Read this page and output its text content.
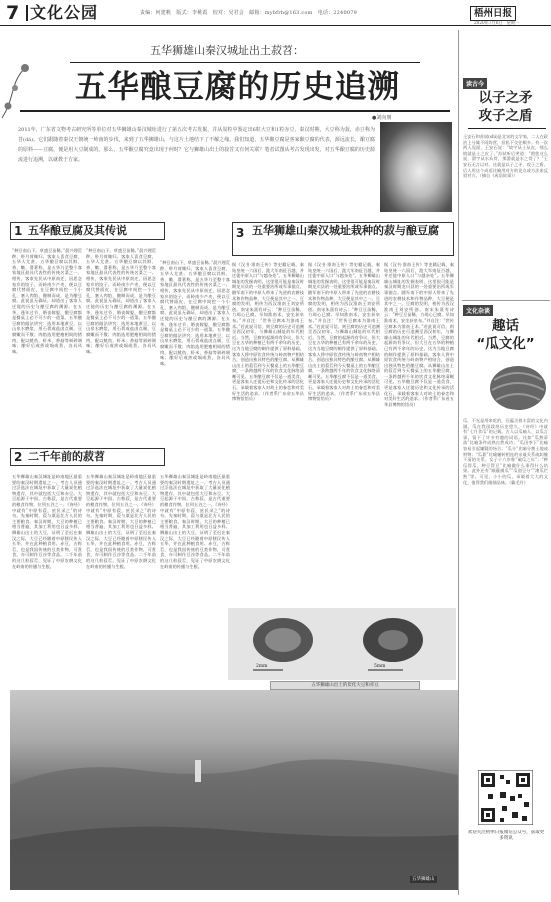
7 文化公园	责编：何建帆　版式：李桃霞　校对：吴君会　邮箱：mybfrb@163.com　电话：2240079	梧州日报
2020年7月6日　星期一
五华狮雄山秦汉城址出土菽苕：
五华酿豆腐的历史追溯
●刘向朋
2011年，广东省文物考古研究所等单位对五华狮雄山秦汉城址进行了第五次考古发掘，并从炭粒中鉴定出6粒大豆和1粒赤豆，秦汉时期，大豆称为菽，赤豆称为苕(dá)。它们跟随着秦汉王朝统一岭南的步伐，来到了五华狮雄山，与这片土地结下了不解之缘。我们知道，五华酿豆腐是客家酿豆腐的代表，源远流长，酿豆腐的原料——豆腐，便是用大豆制成的。那么，五华酿豆腐究竟出现于何时？它与狮雄山出土的菽苕又有何关联？笔者试图从考古发现出发，对五华酿豆腐的历史源流进行追溯，以就教于方家。
1 五华酿豆腐及其传说
“种豆南山下，草盛豆苗稀。”晨兴理荒秽，带月荷锄归。客家人喜食豆腐，五华人尤甚。五华酿豆腐以其鲜、香、嫩、滑著称，是五华乃至整个客家地区最具代表性的传统名菜之一。相传，客家先民从中原南迁，因思念家乡的饺子，而岭南少产麦，便以豆腐代替面皮，在豆腐中间挖一个小孔，塞入肉馅，酿制而成，是为酿豆腐。此说虽无确证，却道出了客家人迁徙的历史与酿豆腐的渊源。在五华，逢年过节、婚丧嫁娶，酿豆腐都是餐桌上必不可少的一道菜。五华酿豆腐的做法讲究：选用本地黄豆，以山泉水磨浆，用石膏或盐卤点制，豆腐嫩而不散；肉馅选用肥瘦相间的猪肉，配以鱿鱼、虾米、香菇等剁碎调味；酿好后或煎或焖或煮，各具风味。
“种豆南山下，草盛豆苗稀。”晨兴理荒秽，带月荷锄归。客家人喜食豆腐，五华人尤甚。五华酿豆腐以其鲜、香、嫩、滑著称，是五华乃至整个客家地区最具代表性的传统名菜之一。相传，客家先民从中原南迁，因思念家乡的饺子，而岭南少产麦，便以豆腐代替面皮，在豆腐中间挖一个小孔，塞入肉馅，酿制而成，是为酿豆腐。此说虽无确证，却道出了客家人迁徙的历史与酿豆腐的渊源。在五华，逢年过节、婚丧嫁娶，酿豆腐都是餐桌上必不可少的一道菜。五华酿豆腐的做法讲究：选用本地黄豆，以山泉水磨浆，用石膏或盐卤点制，豆腐嫩而不散；肉馅选用肥瘦相间的猪肉，配以鱿鱼、虾米、香菇等剁碎调味；酿好后或煎或焖或煮，各具风味。
2 二千年前的菽苕
五华狮雄山秦汉城址是岭南地区最重要的秦汉时期遗址之一。考古人员通过浮选法在城址中获取了大量炭化植物遗存，其中就包括大豆和赤豆。大豆起源于中国，古称菽，是古代重要的粮食作物，位列五谷之一。《诗经》中就有“中原有菽，庶民采之”的诗句。先秦时期，菽与粟是北方人民的主要粮食。秦汉时期，大豆的种植已相当普遍，其加工利用也日益多样。狮雄山出土的大豆，证明了至迟在秦汉之际，大豆已经随着中原移民传入五华，并在此种植食用。赤豆，古称苕，也是我国传统的豆类作物，可煮食，亦可制作豆沙等食品。二千年前的这几粒菽苕，见证了中原农耕文化在岭南的传播与生根。
五华狮雄山秦汉城址是岭南地区最重要的秦汉时期遗址之一。考古人员通过浮选法在城址中获取了大量炭化植物遗存，其中就包括大豆和赤豆。大豆起源于中国，古称菽，是古代重要的粮食作物，位列五谷之一。《诗经》中就有“中原有菽，庶民采之”的诗句。先秦时期，菽与粟是北方人民的主要粮食。秦汉时期，大豆的种植已相当普遍，其加工利用也日益多样。狮雄山出土的大豆，证明了至迟在秦汉之际，大豆已经随着中原移民传入五华，并在此种植食用。赤豆，古称苕，也是我国传统的豆类作物，可煮食，亦可制作豆沙等食品。二千年前的这几粒菽苕，见证了中原农耕文化在岭南的传播与生根。
五华狮雄山秦汉城址是岭南地区最重要的秦汉时期遗址之一。考古人员通过浮选法在城址中获取了大量炭化植物遗存，其中就包括大豆和赤豆。大豆起源于中国，古称菽，是古代重要的粮食作物，位列五谷之一。《诗经》中就有“中原有菽，庶民采之”的诗句。先秦时期，菽与粟是北方人民的主要粮食。秦汉时期，大豆的种植已相当普遍，其加工利用也日益多样。狮雄山出土的大豆，证明了至迟在秦汉之际，大豆已经随着中原移民传入五华，并在此种植食用。赤豆，古称苕，也是我国传统的豆类作物，可煮食，亦可制作豆沙等食品。二千年前的这几粒菽苕，见证了中原农耕文化在岭南的传播与生根。
“种豆南山下，草盛豆苗稀。”晨兴理荒秽，带月荷锄归。客家人喜食豆腐，五华人尤甚。五华酿豆腐以其鲜、香、嫩、滑著称，是五华乃至整个客家地区最具代表性的传统名菜之一。相传，客家先民从中原南迁，因思念家乡的饺子，而岭南少产麦，便以豆腐代替面皮，在豆腐中间挖一个小孔，塞入肉馅，酿制而成，是为酿豆腐。此说虽无确证，却道出了客家人迁徙的历史与酿豆腐的渊源。在五华，逢年过节、婚丧嫁娶，酿豆腐都是餐桌上必不可少的一道菜。五华酿豆腐的做法讲究：选用本地黄豆，以山泉水磨浆，用石膏或盐卤点制，豆腐嫩而不散；肉馅选用肥瘦相间的猪肉，配以鱿鱼、虾米、香菇等剁碎调味；酿好后或煎或焖或煮，各具风味。
3 五华狮雄山秦汉城址栽种的菽与酿豆腐
据《汉书·淮南王传》等史籍记载，秦始皇统一六国后，派大军南征百越，并迁徙中原人口“与越杂处”。五华狮雄山城址的发掘表明，这里很可能是秦汉时期龙川县的一处重要治所或军事据点。随军南下的中原人带来了先进的农耕技术和作物品种，大豆便是其中之一。豆腐的发明，相传为西汉淮南王刘安所创。南宋朱熹有诗云：“种豆豆苗稀，力竭心已腐。早知淮南术，安坐获泉布。”并自注：“世传豆腐本为淮南王术。”若此说可信，则豆腐的历史可追溯至西汉初年，与狮雄山城址的年代相近。当然，豆腐的起源尚有争议，但大豆在五华的种植已有两千余年的历史，这为当地豆腐的制作提供了原料基础。客家人将中原饮食传统与岭南物产相结合，创造出独具特色的酿豆腐。从狮雄山出土的菽苕到今天餐桌上的五华酿豆腐，一条跨越两千年的饮食文化脉络清晰可见。五华酿豆腐不仅是一道美食，更是客家人迁徙历史和文化传承的活化石，承载着客家人对故土的眷恋和对美好生活的追求。（作者系广东省五华县博物馆馆员）
据《汉书·淮南王传》等史籍记载，秦始皇统一六国后，派大军南征百越，并迁徙中原人口“与越杂处”。五华狮雄山城址的发掘表明，这里很可能是秦汉时期龙川县的一处重要治所或军事据点。随军南下的中原人带来了先进的农耕技术和作物品种，大豆便是其中之一。豆腐的发明，相传为西汉淮南王刘安所创。南宋朱熹有诗云：“种豆豆苗稀，力竭心已腐。早知淮南术，安坐获泉布。”并自注：“世传豆腐本为淮南王术。”若此说可信，则豆腐的历史可追溯至西汉初年，与狮雄山城址的年代相近。当然，豆腐的起源尚有争议，但大豆在五华的种植已有两千余年的历史，这为当地豆腐的制作提供了原料基础。客家人将中原饮食传统与岭南物产相结合，创造出独具特色的酿豆腐。从狮雄山出土的菽苕到今天餐桌上的五华酿豆腐，一条跨越两千年的饮食文化脉络清晰可见。五华酿豆腐不仅是一道美食，更是客家人迁徙历史和文化传承的活化石，承载着客家人对故土的眷恋和对美好生活的追求。（作者系广东省五华县博物馆馆员）
据《汉书·淮南王传》等史籍记载，秦始皇统一六国后，派大军南征百越，并迁徙中原人口“与越杂处”。五华狮雄山城址的发掘表明，这里很可能是秦汉时期龙川县的一处重要治所或军事据点。随军南下的中原人带来了先进的农耕技术和作物品种，大豆便是其中之一。豆腐的发明，相传为西汉淮南王刘安所创。南宋朱熹有诗云：“种豆豆苗稀，力竭心已腐。早知淮南术，安坐获泉布。”并自注：“世传豆腐本为淮南王术。”若此说可信，则豆腐的历史可追溯至西汉初年，与狮雄山城址的年代相近。当然，豆腐的起源尚有争议，但大豆在五华的种植已有两千余年的历史，这为当地豆腐的制作提供了原料基础。客家人将中原饮食传统与岭南物产相结合，创造出独具特色的酿豆腐。从狮雄山出土的菽苕到今天餐桌上的五华酿豆腐，一条跨越两千年的饮食文化脉络清晰可见。五华酿豆腐不仅是一道美食，更是客家人迁徙历史和文化传承的活化石，承载着客家人对故土的眷恋和对美好生活的追求。（作者系广东省五华县博物馆馆员）
2mm	5mm
五华狮雄山出土的炭化大豆和赤豆
五华狮雄山
读古今
以子之矛
攻子之盾
王安石和苏轼(shì)是北宋的文学家，二人在政治上分属不同阵营，但私下交往颇多。有一次两人见面，王安石说：“坡字从土从皮，那么坡就是土之皮了。”苏轼听后笑道：“照您这么说，滑字从水从骨，那滑就是水之骨了？”王安石无言以对。这就是以子之矛，攻子之盾。后人用这个成语比喻用对方的论点或方法来反驳对方。（摘自《成语故事》）
文化杂谈
趣话
“瓜文化”
瓜，不光是用来吃的，还蕴含着丰富的文化内涵。瓜在我国栽培历史悠久，《诗经》中就有“七月食瓜”的记载。古人以瓜喻人、以瓜言事，留下了许多有趣的词语。比如“瓜熟蒂落”比喻条件成熟自然成功；“瓜田李下”比喻容易引起嫌疑的场合；“瓜分”比喻分割土地或财物；“瓜葛”比喻辗转相连的亲戚关系或纠缠不清的关系。女子十六岁称“破瓜之年”；“种瓜得瓜，种豆得豆”比喻做什么事得什么结果。此外还有“顺藤摸瓜”“瓜剖豆分”“滚瓜烂熟”等。可见，小小的瓜，承载着大大的文化，值得我们细细品味。（戴毛丹）
欢迎关注梧州日报微信公众号，获取更多资讯
